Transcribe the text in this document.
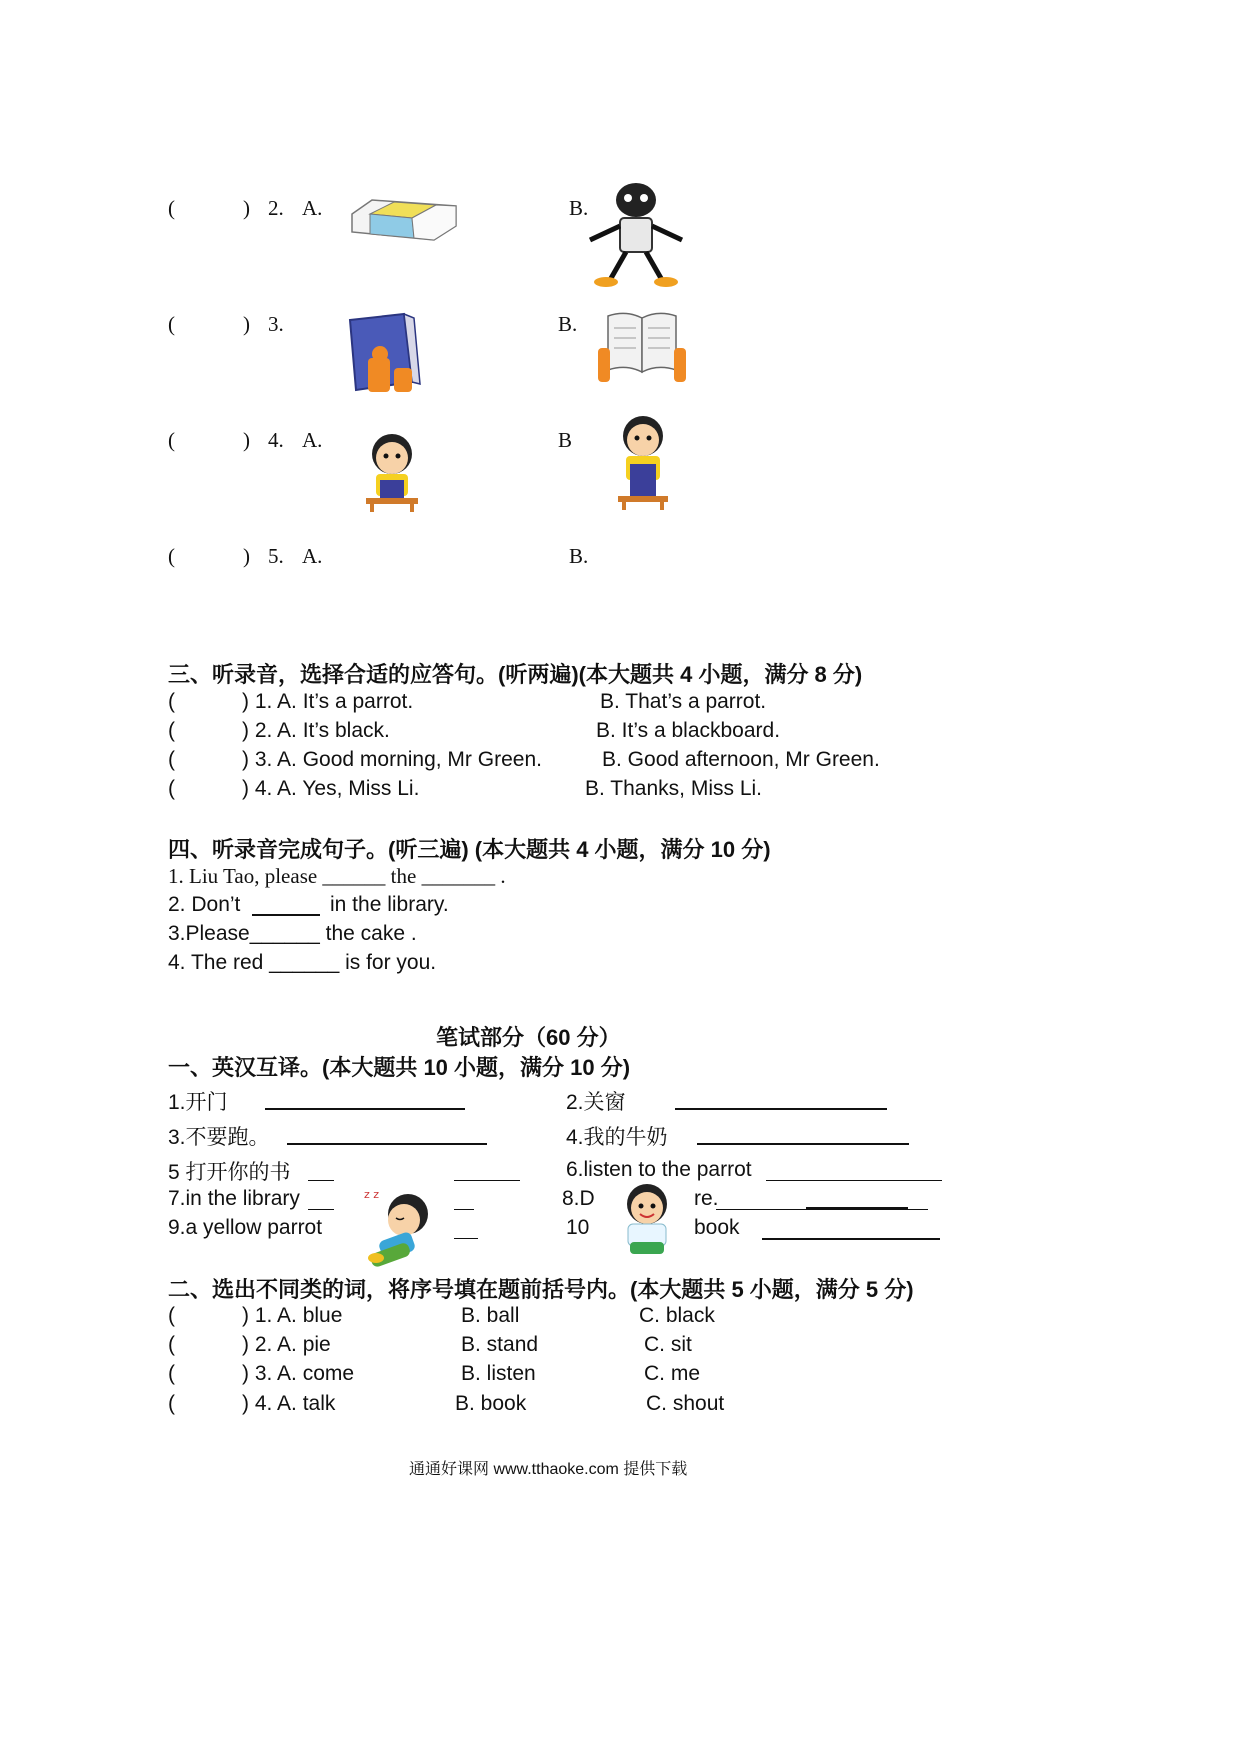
(	) 2. A.	B.
(	) 3.	B.
(	) 4. A.	B
(	) 5. A.	B.
三、听录音，选择合适的应答句。(听两遍)(本大题共 4 小题，满分 8 分)
(	) 1. A. It’s a parrot.	B. That’s a parrot.
(	) 2. A. It’s black.	B. It’s a blackboard.
(	) 3. A. Good morning, Mr Green.	B. Good afternoon, Mr Green.
(	) 4. A. Yes, Miss Li.	B. Thanks, Miss Li.
四、听录音完成句子。(听三遍) (本大题共 4 小题，满分 10 分)
1. Liu Tao, please ______ the _______ .
2. Don’t	in the library.
3.Please______ the cake .
4. The red ______ is for you.
笔试部分（60 分）
一、英汉互译。(本大题共 10 小题，满分 10 分)
1.开门	2.关窗
3.不要跑。	4.我的牛奶
5 打开你的书	6.listen to the parrot
7.in the library	8.D	re.
9.a yellow parrot	10	book
z z
二、选出不同类的词，将序号填在题前括号内。(本大题共 5 小题，满分 5 分)
(	) 1. A. blue	B. ball	C. black
(	) 2. A. pie	B. stand	C. sit
(	) 3. A. come	B. listen	C. me
(	) 4. A. talk	B. book	C. shout
通通好课网 www.tthaoke.com 提供下载
